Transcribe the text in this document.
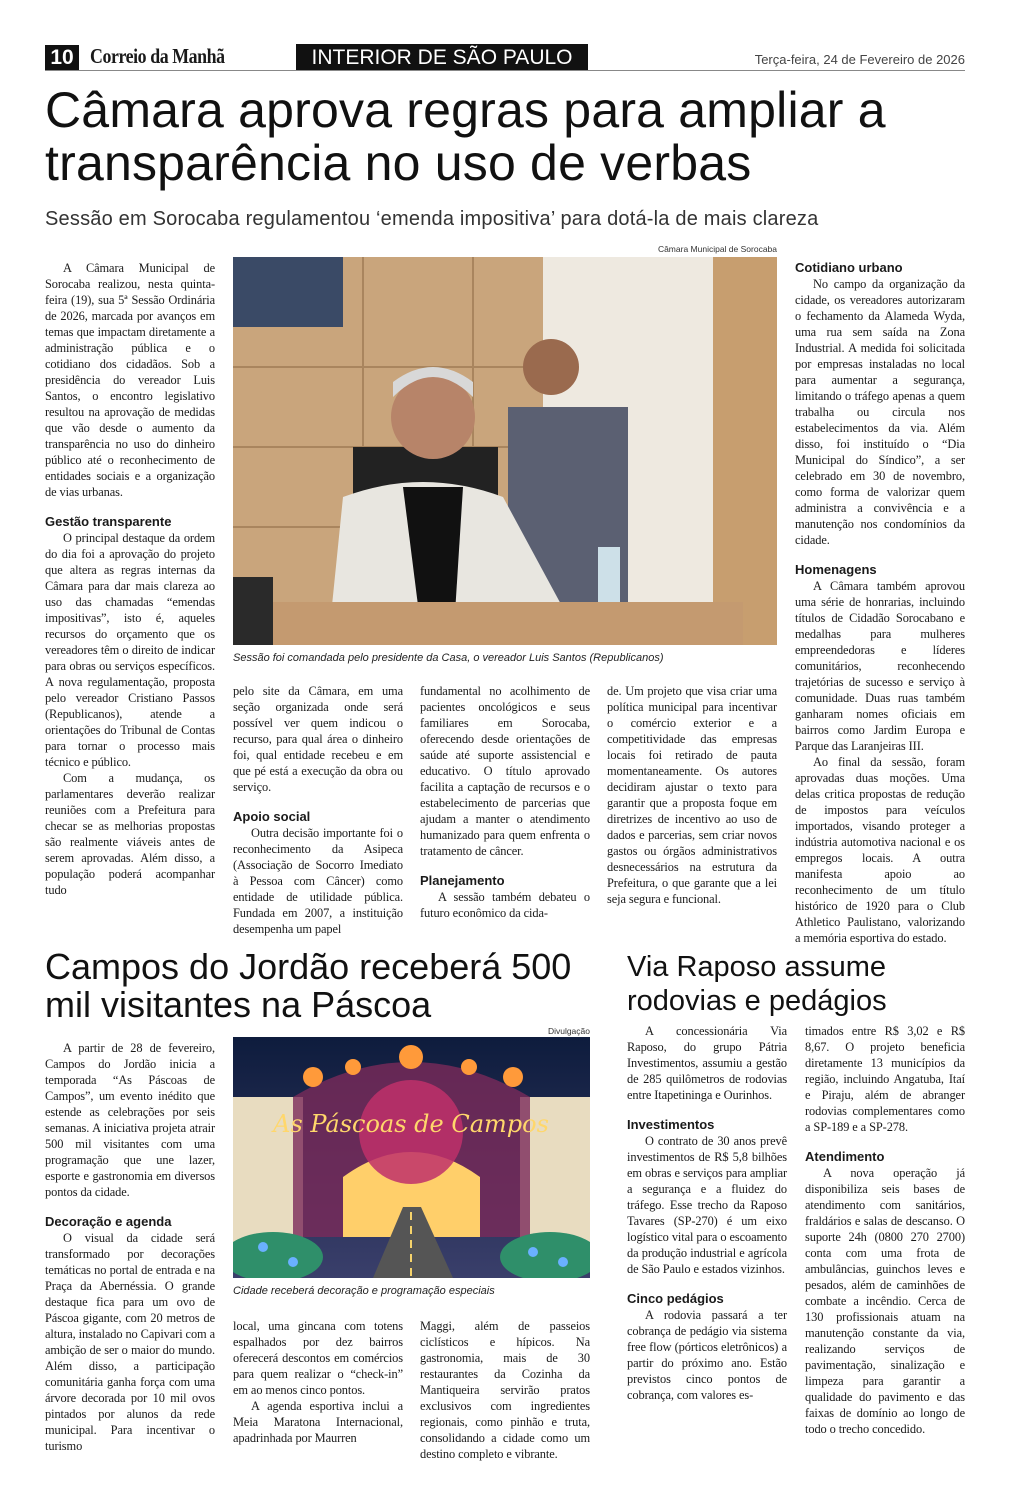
10 Correio da Manhã	INTERIOR DE SÃO PAULO	Terça-feira, 24 de Fevereiro de 2026
Câmara aprova regras para ampliar a transparência no uso de verbas
Sessão em Sorocaba regulamentou ‘emenda impositiva’ para dotá-la de mais clareza
Câmara Municipal de Sorocaba
Sessão foi comandada pelo presidente da Casa, o vereador Luis Santos (Republicanos)

A Câmara Municipal de Sorocaba realizou, nesta quinta-feira (19), sua 5ª Sessão Ordinária de 2026, marcada por avanços em temas que impactam diretamente a administração pública e o cotidiano dos cidadãos. Sob a presidência do vereador Luis Santos, o encontro legislativo resultou na aprovação de medidas que vão desde o aumento da transparência no uso do dinheiro público até o reconhecimento de entidades sociais e a organização de vias urbanas.

Gestão transparente

O principal destaque da ordem do dia foi a aprovação do projeto que altera as regras internas da Câmara para dar mais clareza ao uso das chamadas “emendas impositivas”, isto é, aqueles recursos do orçamento que os vereadores têm o direito de indicar para obras ou serviços específicos. A nova regulamentação, proposta pelo vereador Cristiano Passos (Republicanos), atende a orientações do Tribunal de Contas para tornar o processo mais técnico e público.

Com a mudança, os parlamentares deverão realizar reuniões com a Prefeitura para checar se as melhorias propostas são realmente viáveis antes de serem aprovadas. Além disso, a população poderá acompanhar tudo

pelo site da Câmara, em uma seção organizada onde será possível ver quem indicou o recurso, para qual área o dinheiro foi, qual entidade recebeu e em que pé está a execução da obra ou serviço.

Apoio social

Outra decisão importante foi o reconhecimento da Asipeca (Associação de Socorro Imediato à Pessoa com Câncer) como entidade de utilidade pública. Fundada em 2007, a instituição desempenha um papel

fundamental no acolhimento de pacientes oncológicos e seus familiares em Sorocaba, oferecendo desde orientações de saúde até suporte assistencial e educativo. O título aprovado facilita a captação de recursos e o estabelecimento de parcerias que ajudam a manter o atendimento humanizado para quem enfrenta o tratamento de câncer.

Planejamento

A sessão também debateu o futuro econômico da cida-

de. Um projeto que visa criar uma política municipal para incentivar o comércio exterior e a competitividade das empresas locais foi retirado de pauta momentaneamente. Os autores decidiram ajustar o texto para garantir que a proposta foque em diretrizes de incentivo ao uso de dados e parcerias, sem criar novos gastos ou órgãos administrativos desnecessários na estrutura da Prefeitura, o que garante que a lei seja segura e funcional.

Cotidiano urbano

No campo da organização da cidade, os vereadores autorizaram o fechamento da Alameda Wyda, uma rua sem saída na Zona Industrial. A medida foi solicitada por empresas instaladas no local para aumentar a segurança, limitando o tráfego apenas a quem trabalha ou circula nos estabelecimentos da via. Além disso, foi instituído o “Dia Municipal do Síndico”, a ser celebrado em 30 de novembro, como forma de valorizar quem administra a convivência e a manutenção nos condomínios da cidade.

Homenagens

A Câmara também aprovou uma série de honrarias, incluindo títulos de Cidadão Sorocabano e medalhas para mulheres empreendedoras e líderes comunitários, reconhecendo trajetórias de sucesso e serviço à comunidade. Duas ruas também ganharam nomes oficiais em bairros como Jardim Europa e Parque das Laranjeiras III.

Ao final da sessão, foram aprovadas duas moções. Uma delas critica propostas de redução de impostos para veículos importados, visando proteger a indústria automotiva nacional e os empregos locais. A outra manifesta apoio ao reconhecimento de um título histórico de 1920 para o Club Athletico Paulistano, valorizando a memória esportiva do estado.

Campos do Jordão receberá 500 mil visitantes na Páscoa
Divulgação
As Páscoas de Campos
Cidade receberá decoração e programação especiais

A partir de 28 de fevereiro, Campos do Jordão inicia a temporada “As Páscoas de Campos”, um evento inédito que estende as celebrações por seis semanas. A iniciativa projeta atrair 500 mil visitantes com uma programação que une lazer, esporte e gastronomia em diversos pontos da cidade.

Decoração e agenda

O visual da cidade será transformado por decorações temáticas no portal de entrada e na Praça da Abernéssia. O grande destaque fica para um ovo de Páscoa gigante, com 20 metros de altura, instalado no Capivari com a ambição de ser o maior do mundo. Além disso, a participação comunitária ganha força com uma árvore decorada por 10 mil ovos pintados por alunos da rede municipal. Para incentivar o turismo

local, uma gincana com totens espalhados por dez bairros oferecerá descontos em comércios para quem realizar o “check-in” em ao menos cinco pontos.

A agenda esportiva inclui a Meia Maratona Internacional, apadrinhada por Maurren

Maggi, além de passeios ciclísticos e hípicos. Na gastronomia, mais de 30 restaurantes da Cozinha da Mantiqueira servirão pratos exclusivos com ingredientes regionais, como pinhão e truta, consolidando a cidade como um destino completo e vibrante.

Via Raposo assume rodovias e pedágios

A concessionária Via Raposo, do grupo Pátria Investimentos, assumiu a gestão de 285 quilômetros de rodovias entre Itapetininga e Ourinhos.

Investimentos

O contrato de 30 anos prevê investimentos de R$ 5,8 bilhões em obras e serviços para ampliar a segurança e a fluidez do tráfego. Esse trecho da Raposo Tavares (SP-270) é um eixo logístico vital para o escoamento da produção industrial e agrícola de São Paulo e estados vizinhos.

Cinco pedágios

A rodovia passará a ter cobrança de pedágio via sistema free flow (pórticos eletrônicos) a partir do próximo ano. Estão previstos cinco pontos de cobrança, com valores es-

timados entre R$ 3,02 e R$ 8,67. O projeto beneficia diretamente 13 municípios da região, incluindo Angatuba, Itaí e Piraju, além de abranger rodovias complementares como a SP-189 e a SP-278.

Atendimento

A nova operação já disponibiliza seis bases de atendimento com sanitários, fraldários e salas de descanso. O suporte 24h (0800 270 2700) conta com uma frota de ambulâncias, guinchos leves e pesados, além de caminhões de combate a incêndio. Cerca de 130 profissionais atuam na manutenção constante da via, realizando serviços de pavimentação, sinalização e limpeza para garantir a qualidade do pavimento e das faixas de domínio ao longo de todo o trecho concedido.
